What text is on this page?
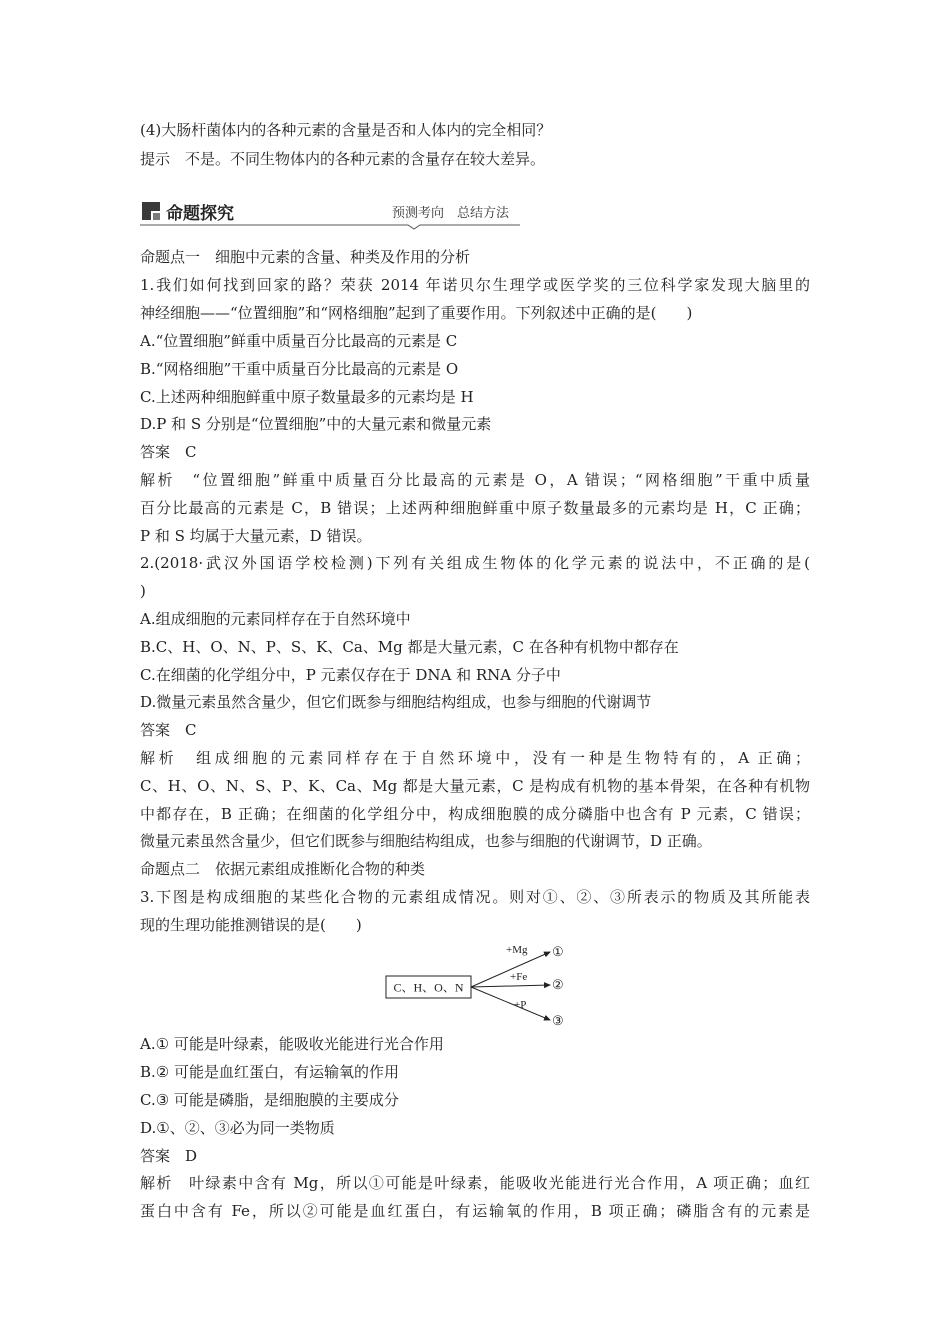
(4)大肠杆菌体内的各种元素的含量是否和人体内的完全相同？
提示　不是。不同生物体内的各种元素的含量存在较大差异。
命题探究	预测考向　总结方法
命题点一　细胞中元素的含量、种类及作用的分析
1.我们如何找到回家的路？荣获 2014 年诺贝尔生理学或医学奖的三位科学家发现大脑里的
神经细胞——“位置细胞”和“网格细胞”起到了重要作用。下列叙述中正确的是(　　)
A.“位置细胞”鲜重中质量百分比最高的元素是 C
B.“网格细胞”干重中质量百分比最高的元素是 O
C.上述两种细胞鲜重中原子数量最多的元素均是 H
D.P 和 S 分别是“位置细胞”中的大量元素和微量元素
答案　C
解析　“位置细胞”鲜重中质量百分比最高的元素是 O，A 错误；“网格细胞”干重中质量
百分比最高的元素是 C，B 错误；上述两种细胞鲜重中原子数量最多的元素均是 H，C 正确；
P 和 S 均属于大量元素，D 错误。
2.(2018·武汉外国语学校检测)下列有关组成生物体的化学元素的说法中，不正确的是(
)
A.组成细胞的元素同样存在于自然环境中
B.C、H、O、N、P、S、K、Ca、Mg 都是大量元素，C 在各种有机物中都存在
C.在细菌的化学组分中，P 元素仅存在于 DNA 和 RNA 分子中
D.微量元素虽然含量少，但它们既参与细胞结构组成，也参与细胞的代谢调节
答案　C
解析　组成细胞的元素同样存在于自然环境中，没有一种是生物特有的，A 正确；
C、H、O、N、S、P、K、Ca、Mg 都是大量元素，C 是构成有机物的基本骨架，在各种有机物
中都存在，B 正确；在细菌的化学组分中，构成细胞膜的成分磷脂中也含有 P 元素，C 错误；
微量元素虽然含量少，但它们既参与细胞结构组成，也参与细胞的代谢调节，D 正确。
命题点二　依据元素组成推断化合物的种类
3.下图是构成细胞的某些化合物的元素组成情况。则对①、②、③所表示的物质及其所能表
现的生理功能推测错误的是(　　)
C、H、O、N
+Mg ①
+Fe ②
+P
③
A.① 可能是叶绿素，能吸收光能进行光合作用
B.② 可能是血红蛋白，有运输氧的作用
C.③ 可能是磷脂，是细胞膜的主要成分
D.①、②、③必为同一类物质
答案　D
解析　叶绿素中含有 Mg，所以①可能是叶绿素，能吸收光能进行光合作用，A 项正确；血红
蛋白中含有 Fe，所以②可能是血红蛋白，有运输氧的作用，B 项正确；磷脂含有的元素是
